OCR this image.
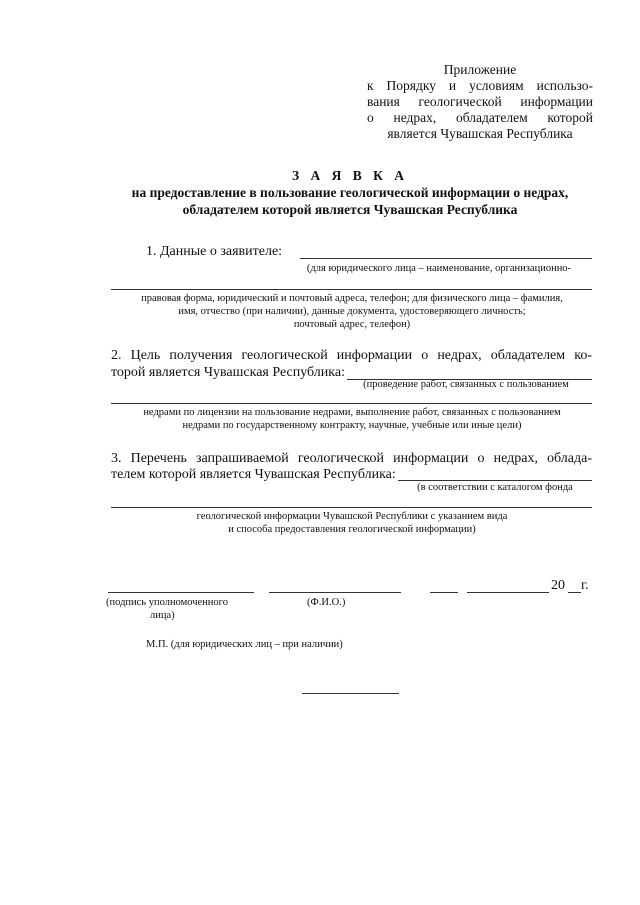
Приложение
к Порядку и условиям использо-
вания геологической информации
о недрах, обладателем которой
является Чувашская Республика
З А Я В К А
на предоставление в пользование геологической информации о недрах,
обладателем которой является Чувашская Республика
1. Данные о заявителе:
(для юридического лица – наименование, организационно-
правовая форма, юридический и почтовый адреса, телефон; для физического лица – фамилия,
имя, отчество (при наличии), данные документа, удостоверяющего личность;
почтовый адрес, телефон)
2. Цель получения геологической информации о недрах, обладателем ко-
торой является Чувашская Республика:
(проведение работ, связанных с пользованием
недрами по лицензии на пользование недрами, выполнение работ, связанных с пользованием
недрами по государственному контракту, научные, учебные или иные цели)
3. Перечень запрашиваемой геологической информации о недрах, облада-
телем которой является Чувашская Республика:
(в соответствии с каталогом фонда
геологической информации Чувашской Республики с указанием вида
и способа предоставления геологической информации)
20 г.
(подпись уполномоченного
лица)
(Ф.И.О.)
М.П. (для юридических лиц – при наличии)
